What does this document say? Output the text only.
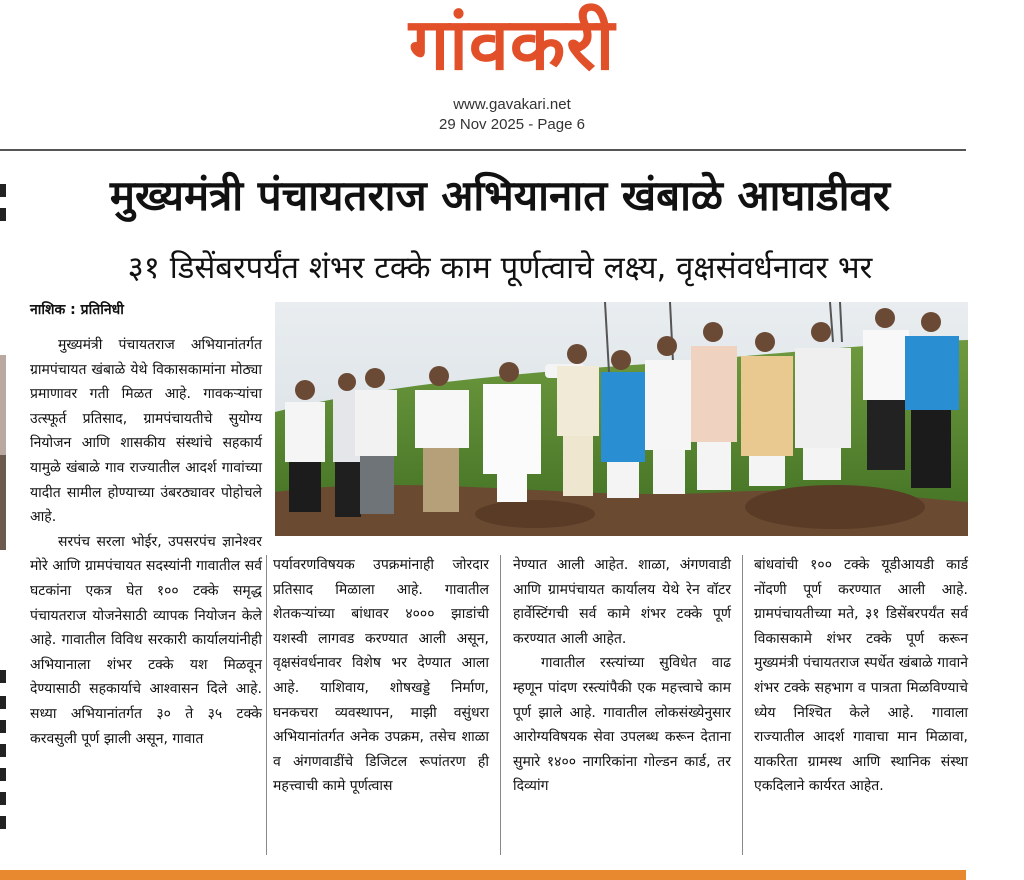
गांवकरी
www.gavakari.net
29 Nov 2025 - Page 6
मुख्यमंत्री पंचायतराज अभियानात खंबाळे आघाडीवर
३१ डिसेंबरपर्यंत शंभर टक्के काम पूर्णत्वाचे लक्ष्य, वृक्षसंवर्धनावर भर
नाशिक : प्रतिनिधी

मुख्यमंत्री पंचायतराज अभियानांतर्गत ग्रामपंचायत खंबाळे येथे विकासकामांना मोठ्या प्रमाणावर गती मिळत आहे. गावकऱ्यांचा उत्स्फूर्त प्रतिसाद, ग्रामपंचायतीचे सुयोग्य नियोजन आणि शासकीय संस्थांचे सहकार्य यामुळे खंबाळे गाव राज्यातील आदर्श गावांच्या यादीत सामील होण्याच्या उंबरठ्यावर पोहोचले आहे.

सरपंच सरला भोईर, उपसरपंच ज्ञानेश्वर मोरे आणि ग्रामपंचायत सदस्यांनी गावातील सर्व घटकांना एकत्र घेत १०० टक्के समृद्ध पंचायतराज योजनेसाठी व्यापक नियोजन केले आहे. गावातील विविध सरकारी कार्यालयांनीही अभियानाला शंभर टक्के यश मिळवून देण्यासाठी सहकार्याचे आश्वासन दिले आहे. सध्या अभियानांतर्गत ३० ते ३५ टक्के करवसुली पूर्ण झाली असून, गावात

पर्यावरणविषयक उपक्रमांनाही जोरदार प्रतिसाद मिळाला आहे. गावातील शेतकऱ्यांच्या बांधावर ४००० झाडांची यशस्वी लागवड करण्यात आली असून, वृक्षसंवर्धनावर विशेष भर देण्यात आला आहे. याशिवाय, शोषखड्डे निर्माण, घनकचरा व्यवस्थापन, माझी वसुंधरा अभियानांतर्गत अनेक उपक्रम, तसेच शाळा व अंगणवाडींचे डिजिटल रूपांतरण ही महत्त्वाची कामे पूर्णत्वास

नेण्यात आली आहेत. शाळा, अंगणवाडी आणि ग्रामपंचायत कार्यालय येथे रेन वॉटर हार्वेस्टिंगची सर्व कामे शंभर टक्के पूर्ण करण्यात आली आहेत.

गावातील रस्त्यांच्या सुविधेत वाढ म्हणून पांदण रस्त्यांपैकी एक महत्त्वाचे काम पूर्ण झाले आहे. गावातील लोकसंख्येनुसार आरोग्यविषयक सेवा उपलब्ध करून देताना सुमारे १४०० नागरिकांना गोल्डन कार्ड, तर दिव्यांग

बांधवांची १०० टक्के यूडीआयडी कार्ड नोंदणी पूर्ण करण्यात आली आहे. ग्रामपंचायतीच्या मते, ३१ डिसेंबरपर्यंत सर्व विकासकामे शंभर टक्के पूर्ण करून मुख्यमंत्री पंचायतराज स्पर्धेत खंबाळे गावाने शंभर टक्के सहभाग व पात्रता मिळविण्याचे ध्येय निश्चित केले आहे. गावाला राज्यातील आदर्श गावाचा मान मिळावा, याकरिता ग्रामस्थ आणि स्थानिक संस्था एकदिलाने कार्यरत आहेत.
